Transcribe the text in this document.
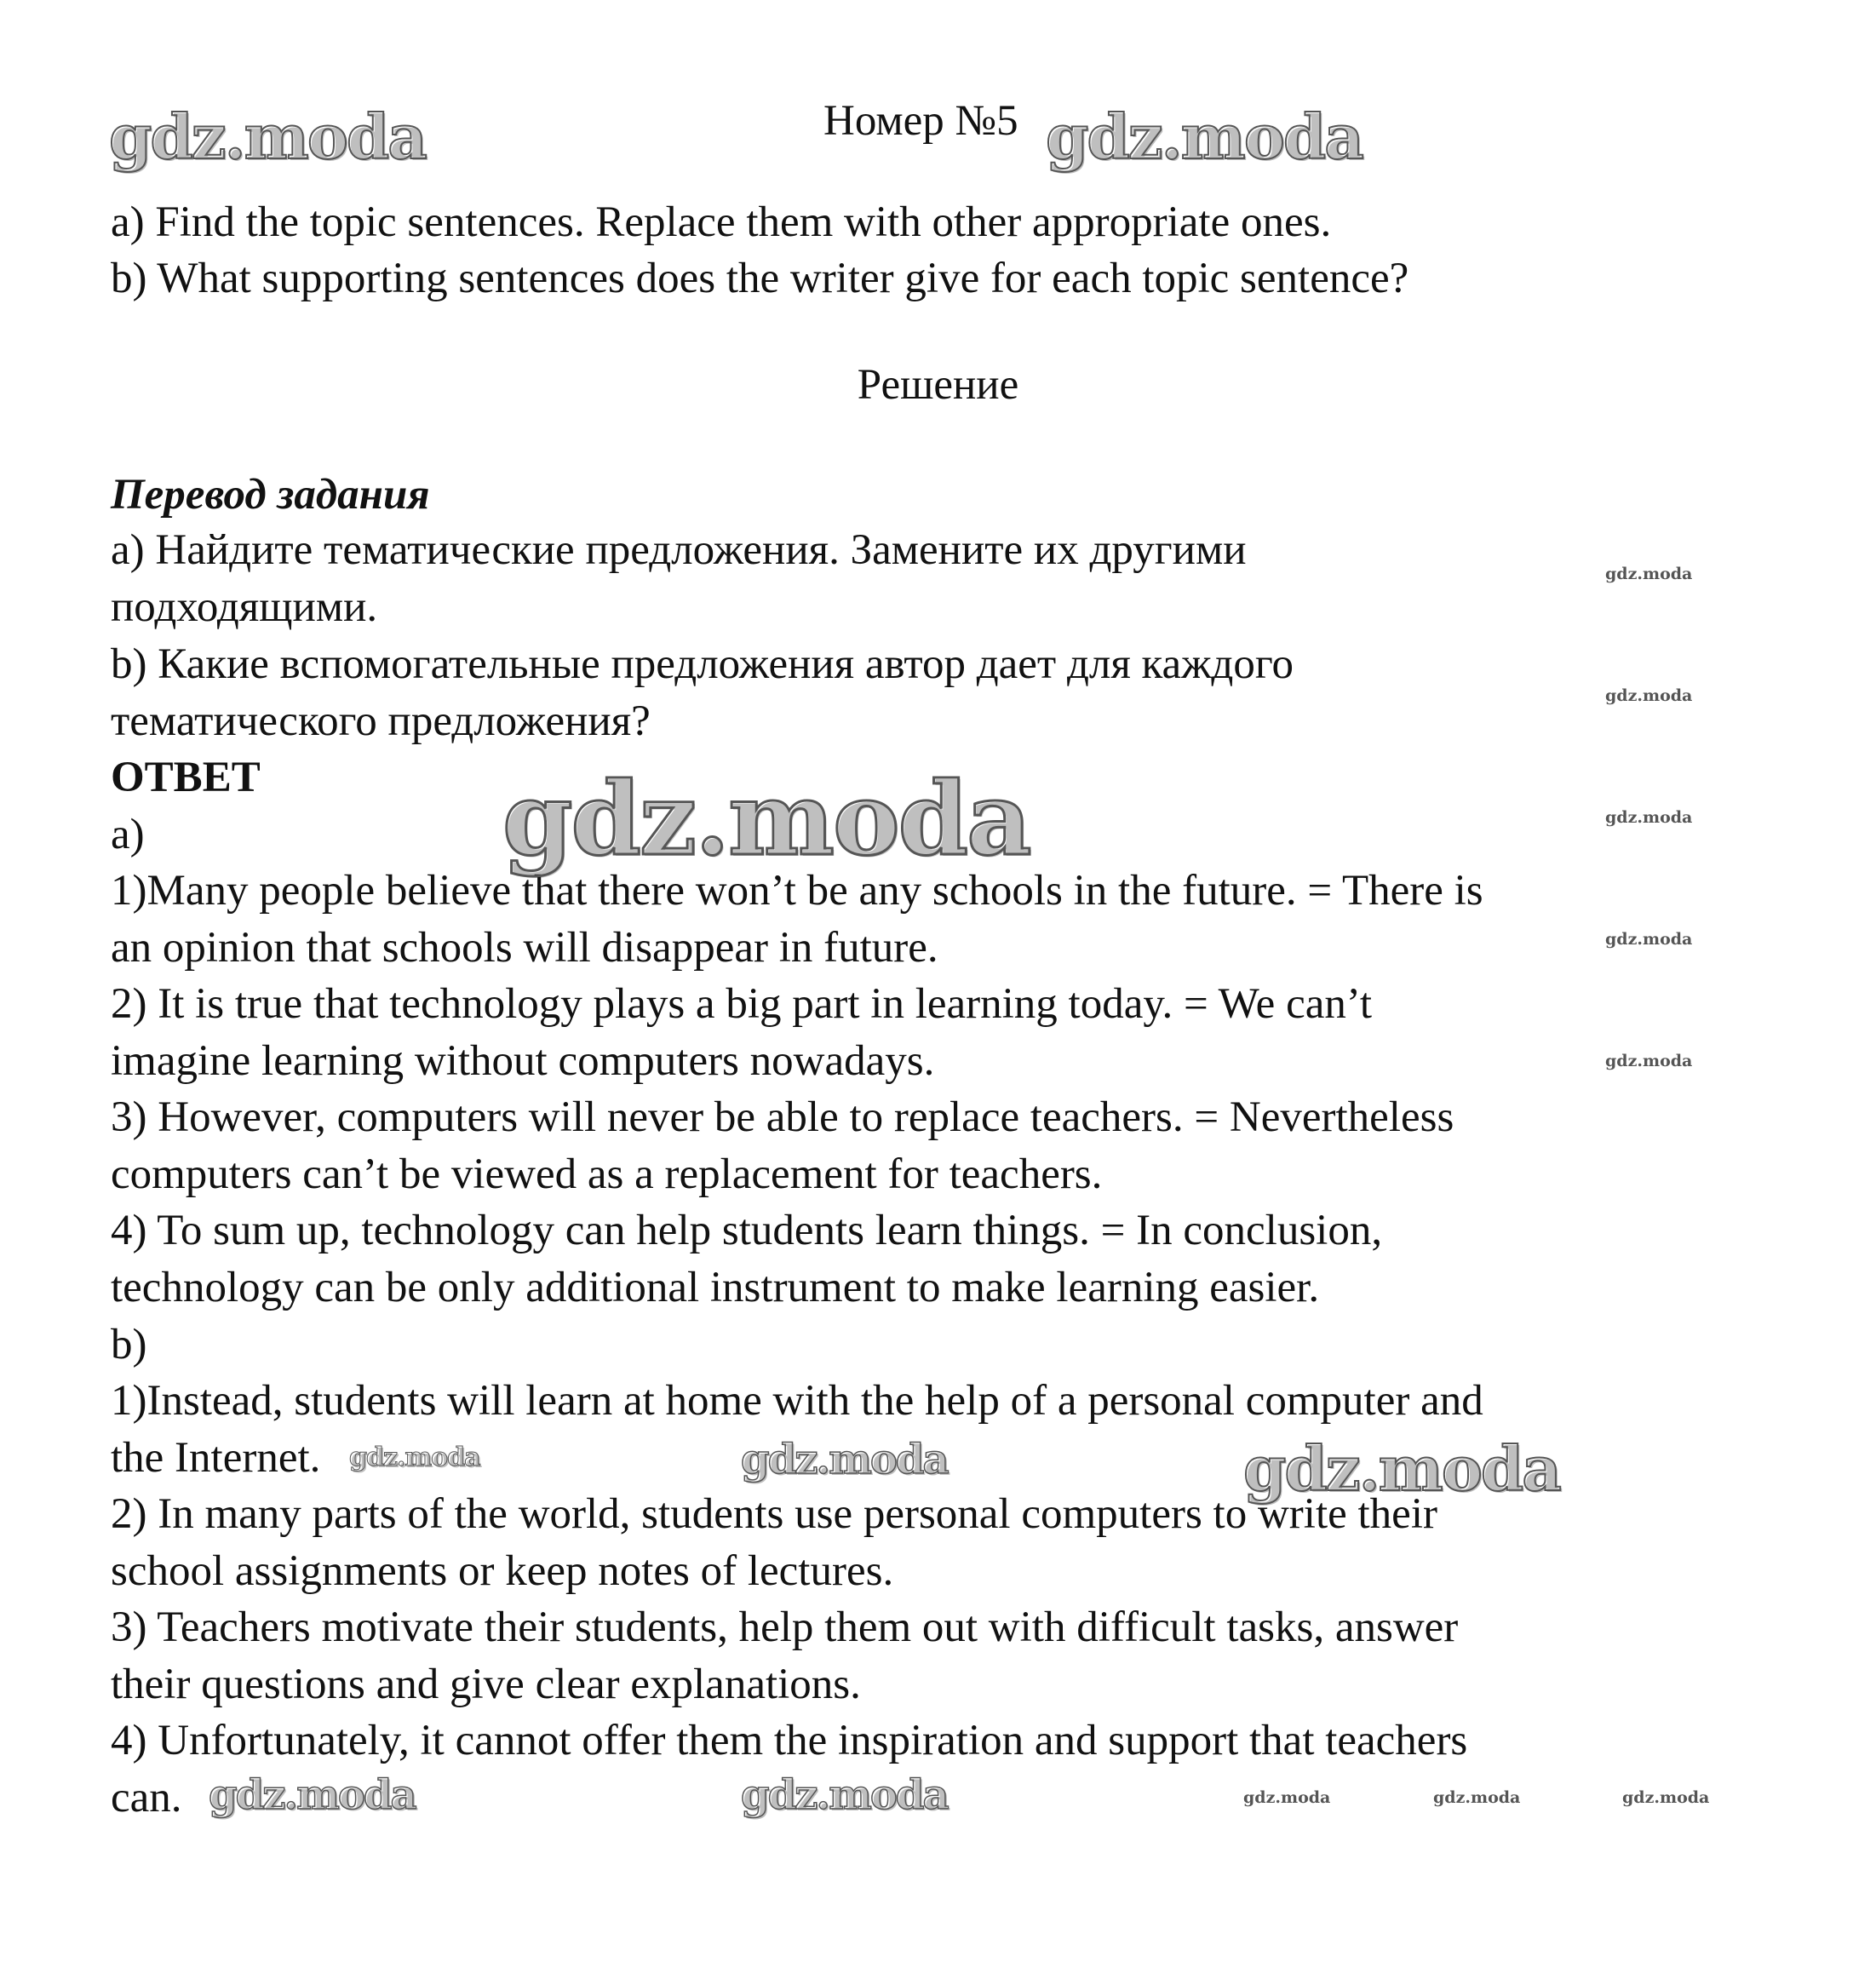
Номер №5
a) Find the topic sentences. Replace them with other appropriate ones.
b) What supporting sentences does the writer give for each topic sentence?
Решение
Перевод задания
а) Найдите тематические предложения. Замените их другими
подходящими.
b) Какие вспомогательные предложения автор дает для каждого
тематического предложения?
ОТВЕТ
а)
1)Many people believe that there won’t be any schools in the future. = There is
an opinion that schools will disappear in future.
2) It is true that technology plays a big part in learning today. = We can’t
imagine learning without computers nowadays.
3) However, computers will never be able to replace teachers. = Nevertheless
computers can’t be viewed as a replacement for teachers.
4) To sum up, technology can help students learn things. = In conclusion,
technology can be only additional instrument to make learning easier.
b)
1)Instead, students will learn at home with the help of a personal computer and
the Internet.
2) In many parts of the world, students use personal computers to write their
school assignments or keep notes of lectures.
3) Teachers motivate their students, help them out with difficult tasks, answer
their questions and give clear explanations.
4) Unfortunately, it cannot offer them the inspiration and support that teachers
can.
gdz.moda	gdz.moda
gdz.moda
gdz.moda	gdz.moda	gdz.moda
gdz.moda	gdz.moda
gdz.moda
gdz.moda
gdz.moda
gdz.moda
gdz.moda
gdz.moda	gdz.moda	gdz.moda
